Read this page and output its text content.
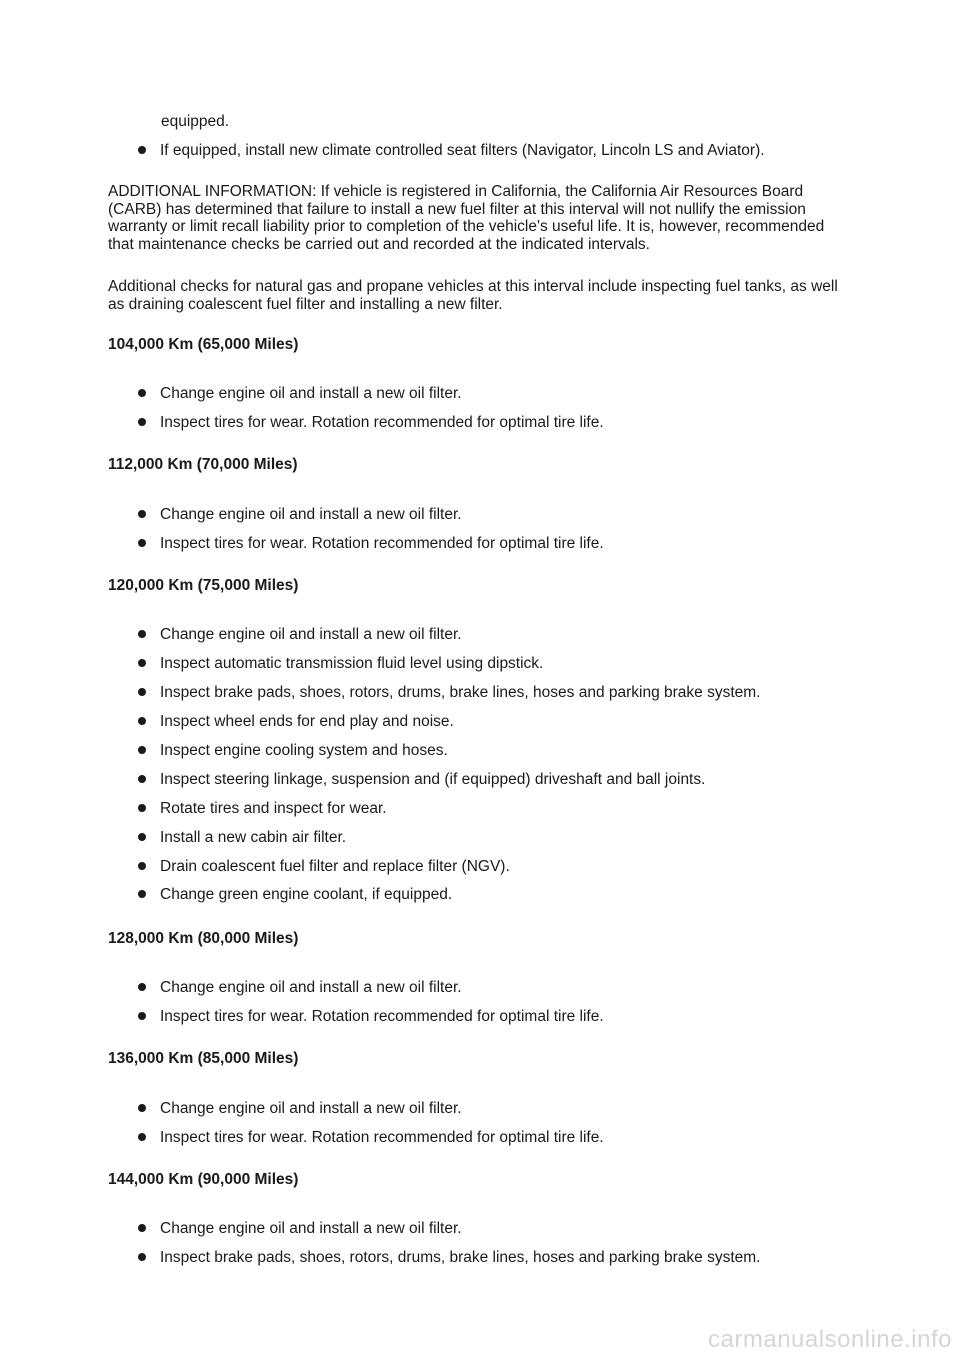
equipped.

If equipped, install new climate controlled seat filters (Navigator, Lincoln LS and Aviator).

ADDITIONAL INFORMATION: If vehicle is registered in California, the California Air Resources Board (CARB) has determined that failure to install a new fuel filter at this interval will not nullify the emission warranty or limit recall liability prior to completion of the vehicle's useful life. It is, however, recommended that maintenance checks be carried out and recorded at the indicated intervals.

Additional checks for natural gas and propane vehicles at this interval include inspecting fuel tanks, as well as draining coalescent fuel filter and installing a new filter.

104,000 Km (65,000 Miles)

Change engine oil and install a new oil filter.

Inspect tires for wear. Rotation recommended for optimal tire life.

112,000 Km (70,000 Miles)

Change engine oil and install a new oil filter.

Inspect tires for wear. Rotation recommended for optimal tire life.

120,000 Km (75,000 Miles)

Change engine oil and install a new oil filter.

Inspect automatic transmission fluid level using dipstick.

Inspect brake pads, shoes, rotors, drums, brake lines, hoses and parking brake system.

Inspect wheel ends for end play and noise.

Inspect engine cooling system and hoses.

Inspect steering linkage, suspension and (if equipped) driveshaft and ball joints.

Rotate tires and inspect for wear.

Install a new cabin air filter.

Drain coalescent fuel filter and replace filter (NGV).

Change green engine coolant, if equipped.

128,000 Km (80,000 Miles)

Change engine oil and install a new oil filter.

Inspect tires for wear. Rotation recommended for optimal tire life.

136,000 Km (85,000 Miles)

Change engine oil and install a new oil filter.

Inspect tires for wear. Rotation recommended for optimal tire life.

144,000 Km (90,000 Miles)

Change engine oil and install a new oil filter.

Inspect brake pads, shoes, rotors, drums, brake lines, hoses and parking brake system.

carmanualsonline.info
